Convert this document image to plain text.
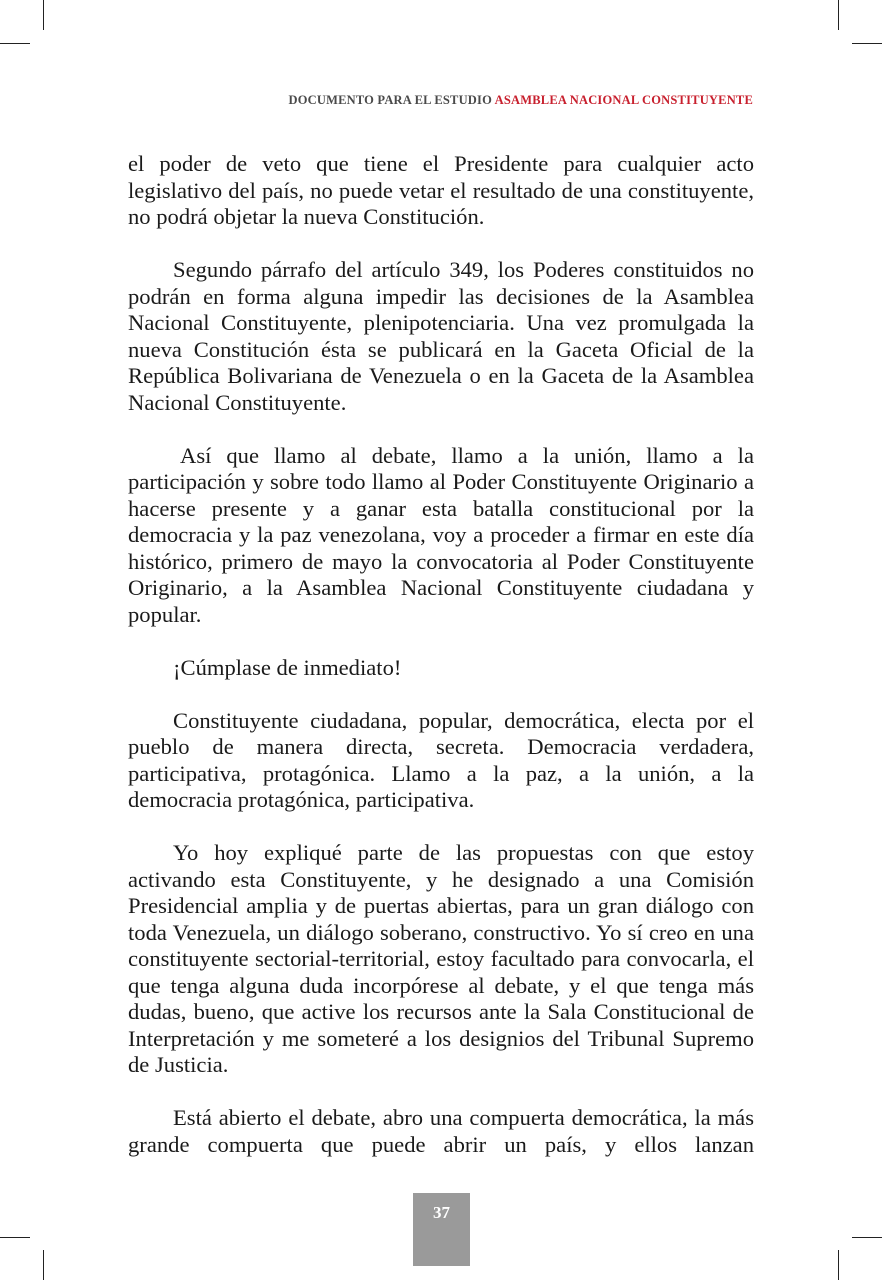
DOCUMENTO PARA EL ESTUDIO ASAMBLEA NACIONAL CONSTITUYENTE

el poder de veto que tiene el Presidente para cualquier acto legislativo del país, no puede vetar el resultado de una constituyente, no podrá objetar la nueva Constitución.

Segundo párrafo del artículo 349, los Poderes constituidos no podrán en forma alguna impedir las decisiones de la Asamblea Nacional Constituyente, plenipotenciaria. Una vez promulgada la nueva Constitución ésta se publicará en la Gaceta Oficial de la República Bolivariana de Venezuela o en la Gaceta de la Asamblea Nacional Constituyente.

Así que llamo al debate, llamo a la unión, llamo a la participación y sobre todo llamo al Poder Constituyente Originario a hacerse presente y a ganar esta batalla constitucional por la democracia y la paz venezolana, voy a proceder a firmar en este día histórico, primero de mayo la convocatoria al Poder Constituyente Originario, a la Asamblea Nacional Constituyente ciudadana y popular.

¡Cúmplase de inmediato!

Constituyente ciudadana, popular, democrática, electa por el pueblo de manera directa, secreta. Democracia verdadera, participativa, protagónica. Llamo a la paz, a la unión, a la democracia protagónica, participativa.

Yo hoy expliqué parte de las propuestas con que estoy activando esta Constituyente, y he designado a una Comisión Presidencial amplia y de puertas abiertas, para un gran diálogo con toda Venezuela, un diálogo soberano, constructivo. Yo sí creo en una constituyente sectorial-territorial, estoy facultado para convocarla, el que tenga alguna duda incorpórese al debate, y el que tenga más dudas, bueno, que active los recursos ante la Sala Constitucional de Interpretación y me someteré a los designios del Tribunal Supremo de Justicia.

Está abierto el debate, abro una compuerta democrática, la más grande compuerta que puede abrir un país, y ellos lanzan

37
